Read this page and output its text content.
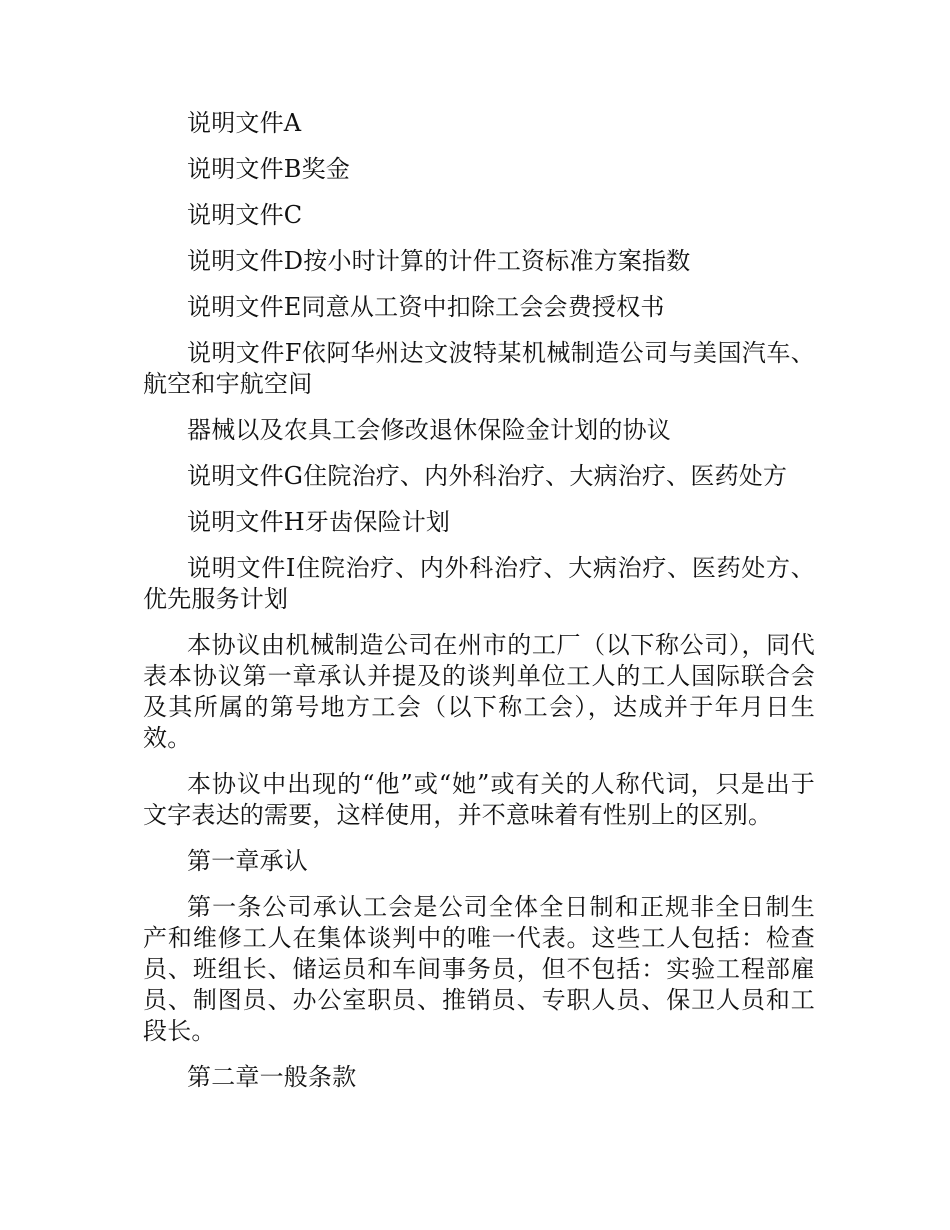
说明文件A

说明文件B奖金

说明文件C

说明文件D按小时计算的计件工资标准方案指数

说明文件E同意从工资中扣除工会会费授权书

说明文件F依阿华州达文波特某机械制造公司与美国汽车、航空和宇航空间

器械以及农具工会修改退休保险金计划的协议

说明文件G住院治疗、内外科治疗、大病治疗、医药处方

说明文件H牙齿保险计划

说明文件I住院治疗、内外科治疗、大病治疗、医药处方、优先服务计划

本协议由机械制造公司在州市的工厂（以下称公司），同代表本协议第一章承认并提及的谈判单位工人的工人国际联合会及其所属的第号地方工会（以下称工会），达成并于年月日生效。

本协议中出现的“他”或“她”或有关的人称代词，只是出于文字表达的需要，这样使用，并不意味着有性别上的区别。

第一章承认

第一条公司承认工会是公司全体全日制和正规非全日制生产和维修工人在集体谈判中的唯一代表。这些工人包括：检查员、班组长、储运员和车间事务员，但不包括：实验工程部雇员、制图员、办公室职员、推销员、专职人员、保卫人员和工段长。

第二章一般条款
